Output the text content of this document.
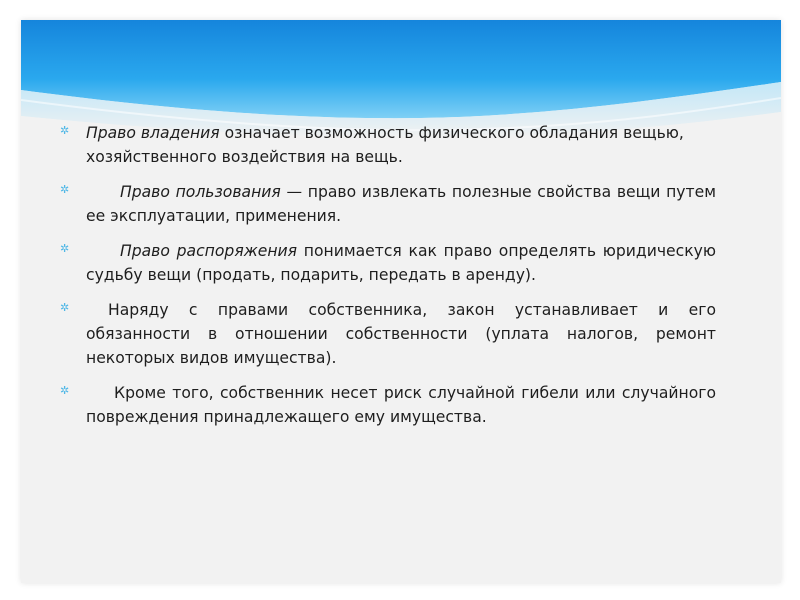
✲ Право владения означает возможность физического обладания вещью, хозяйственного воздействия на вещь.
✲	Право пользования — право извлекать полезные свойства вещи путем ее эксплуатации, применения.
✲	Право распоряжения понимается как право определять юридическую судьбу вещи (продать, подарить, передать в аренду).
✲	Наряду с правами собственника, закон устанавливает и его обязанности в отношении собственности (уплата налогов, ремонт некоторых видов имущества).
✲	Кроме того, собственник несет риск случайной гибели или случайного повреждения принадлежащего ему имущества.
